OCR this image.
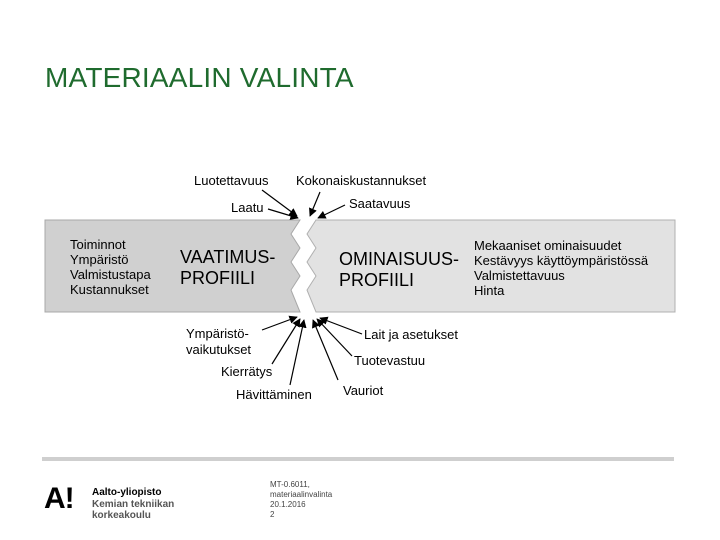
MATERIAALIN VALINTA
Toiminnot
Ympäristö
Valmistustapa
Kustannukset
VAATIMUS-
PROFIILI
OMINAISUUS-
PROFIILI
Mekaaniset ominaisuudet
Kestävyys käyttöympäristössä
Valmistettavuus
Hinta
Luotettavuus Kokonaiskustannukset
Laatu	Saatavuus
Ympäristö-
vaikutukset
Lait ja asetukset
Tuotevastuu
Kierrätys
Hävittäminen Vauriot
A! Aalto-yliopisto
Kemian tekniikan
korkeakoulu
MT-0.6011,
materiaalinvalinta
20.1.2016
2
